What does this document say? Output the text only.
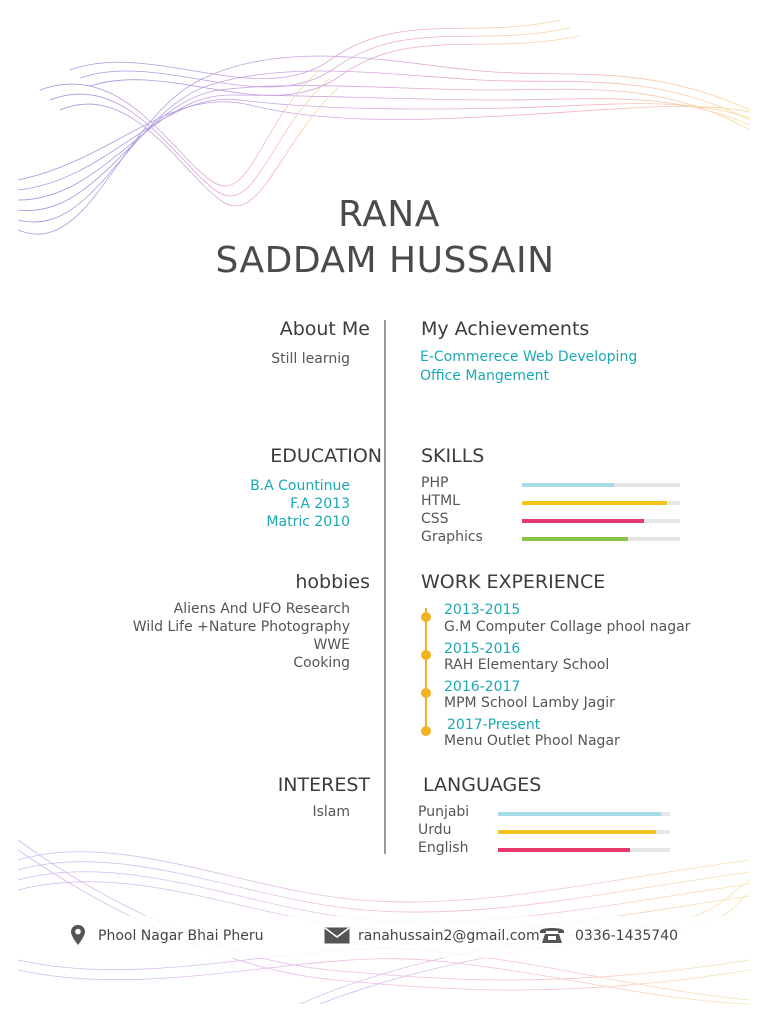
RANA
SADDAM HUSSAIN
About Me
Still learnig
My Achievements
E-Commerece Web Developing
Office Mangement
EDUCATION
B.A Countinue
F.A 2013
Matric 2010
SKILLS
PHP
HTML
CSS
Graphics
hobbies
Aliens And UFO Research
Wild Life +Nature Photography
WWE
Cooking
WORK EXPERIENCE
2013-2015
G.M Computer Collage phool nagar
2015-2016
RAH Elementary School
2016-2017
MPM School Lamby Jagir
2017-Present
Menu Outlet Phool Nagar
INTEREST
Islam
LANGUAGES
Punjabi
Urdu
English
Phool Nagar Bhai Pheru	ranahussain2@gmail.com	0336-1435740
